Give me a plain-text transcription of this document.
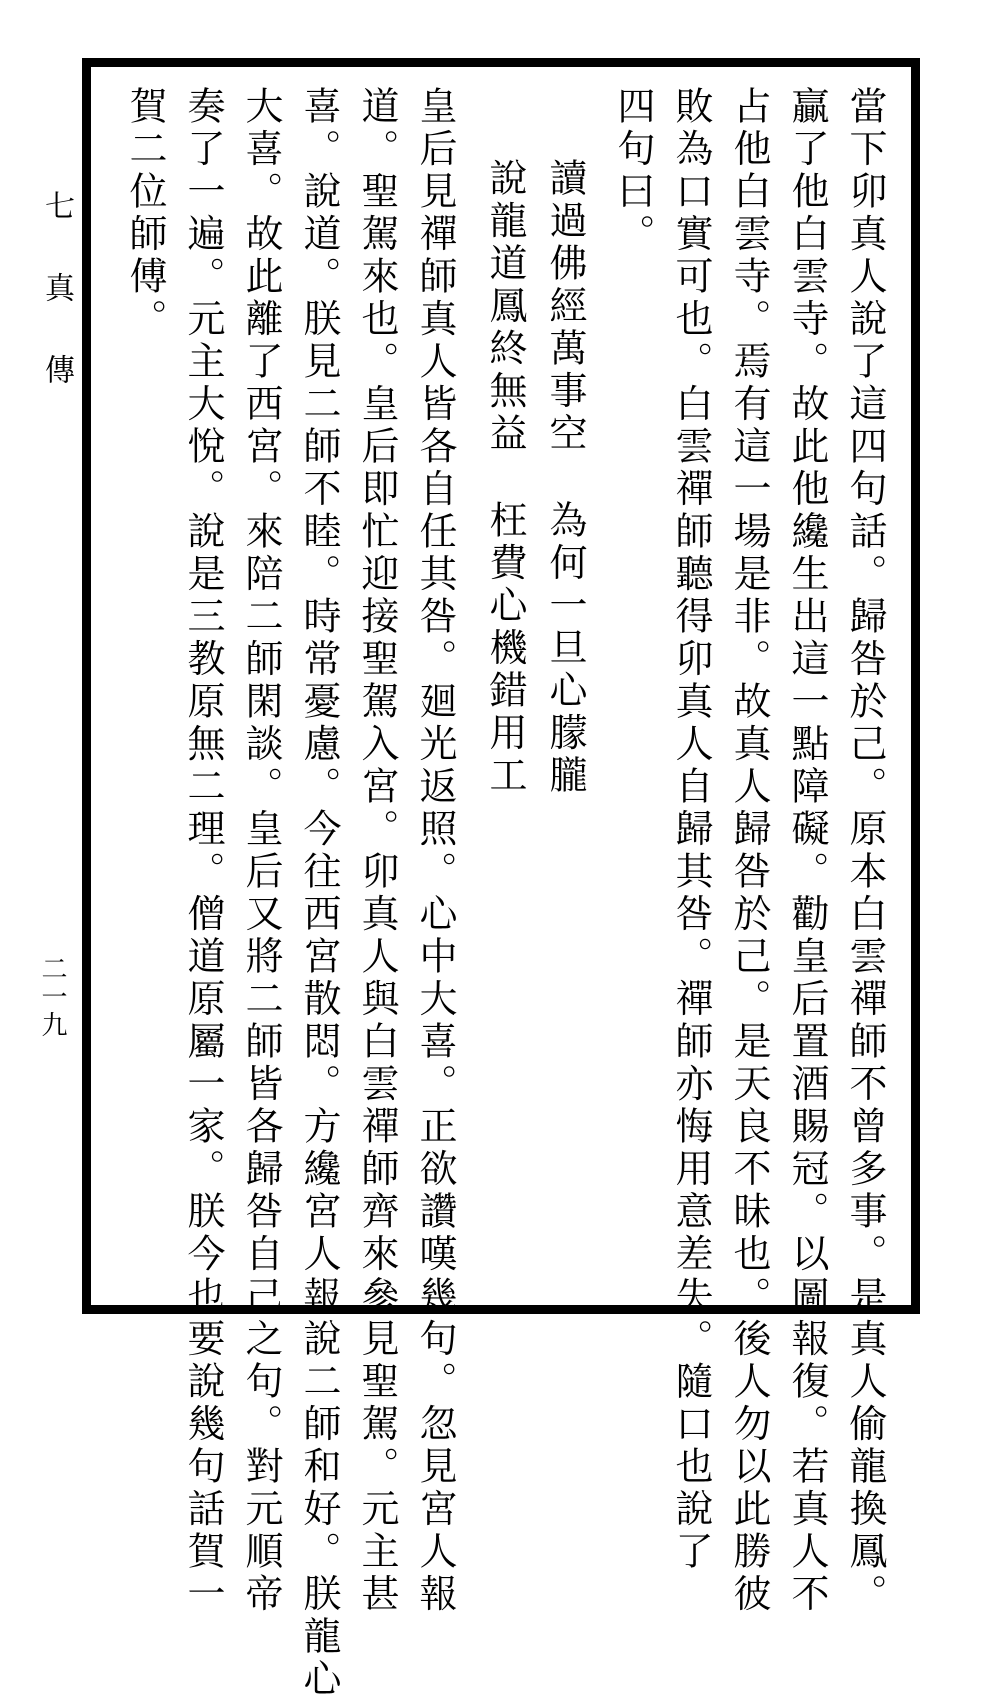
七真傳
二一九	當下卯真人說了這四句話。歸咎於己。原本白雲禪師不曾多事。是真人偷龍換鳳。
贏了他白雲寺。故此他纔生出這一點障礙。勸皇后置酒賜冠。以圖報復。若真人不
占他白雲寺。焉有這一場是非。故真人歸咎於己。是天良不昧也。後人勿以此勝彼
敗為口實可也。白雲禪師聽得卯真人自歸其咎。禪師亦悔用意差失。隨口也說了
四句曰。
讀過佛經萬事空
為何一旦心朦朧
說龍道鳳終無益
枉費心機錯用工
皇后見禪師真人皆各自任其咎。廻光返照。心中大喜。正欲讚嘆幾句。忽見宮人報
道。聖駕來也。皇后即忙迎接聖駕入宮。卯真人與白雲禪師齊來參見聖駕。元主甚
喜。說道。朕見二師不睦。時常憂慮。今往西宮散悶。方纔宮人報說二師和好。朕龍心
大喜。故此離了西宮。來陪二師閑談。皇后又將二師皆各歸咎自己之句。對元順帝
奏了一遍。元主大悅。說是三教原無二理。僧道原屬一家。朕今也要說幾句話賀一
賀二位師傅。
